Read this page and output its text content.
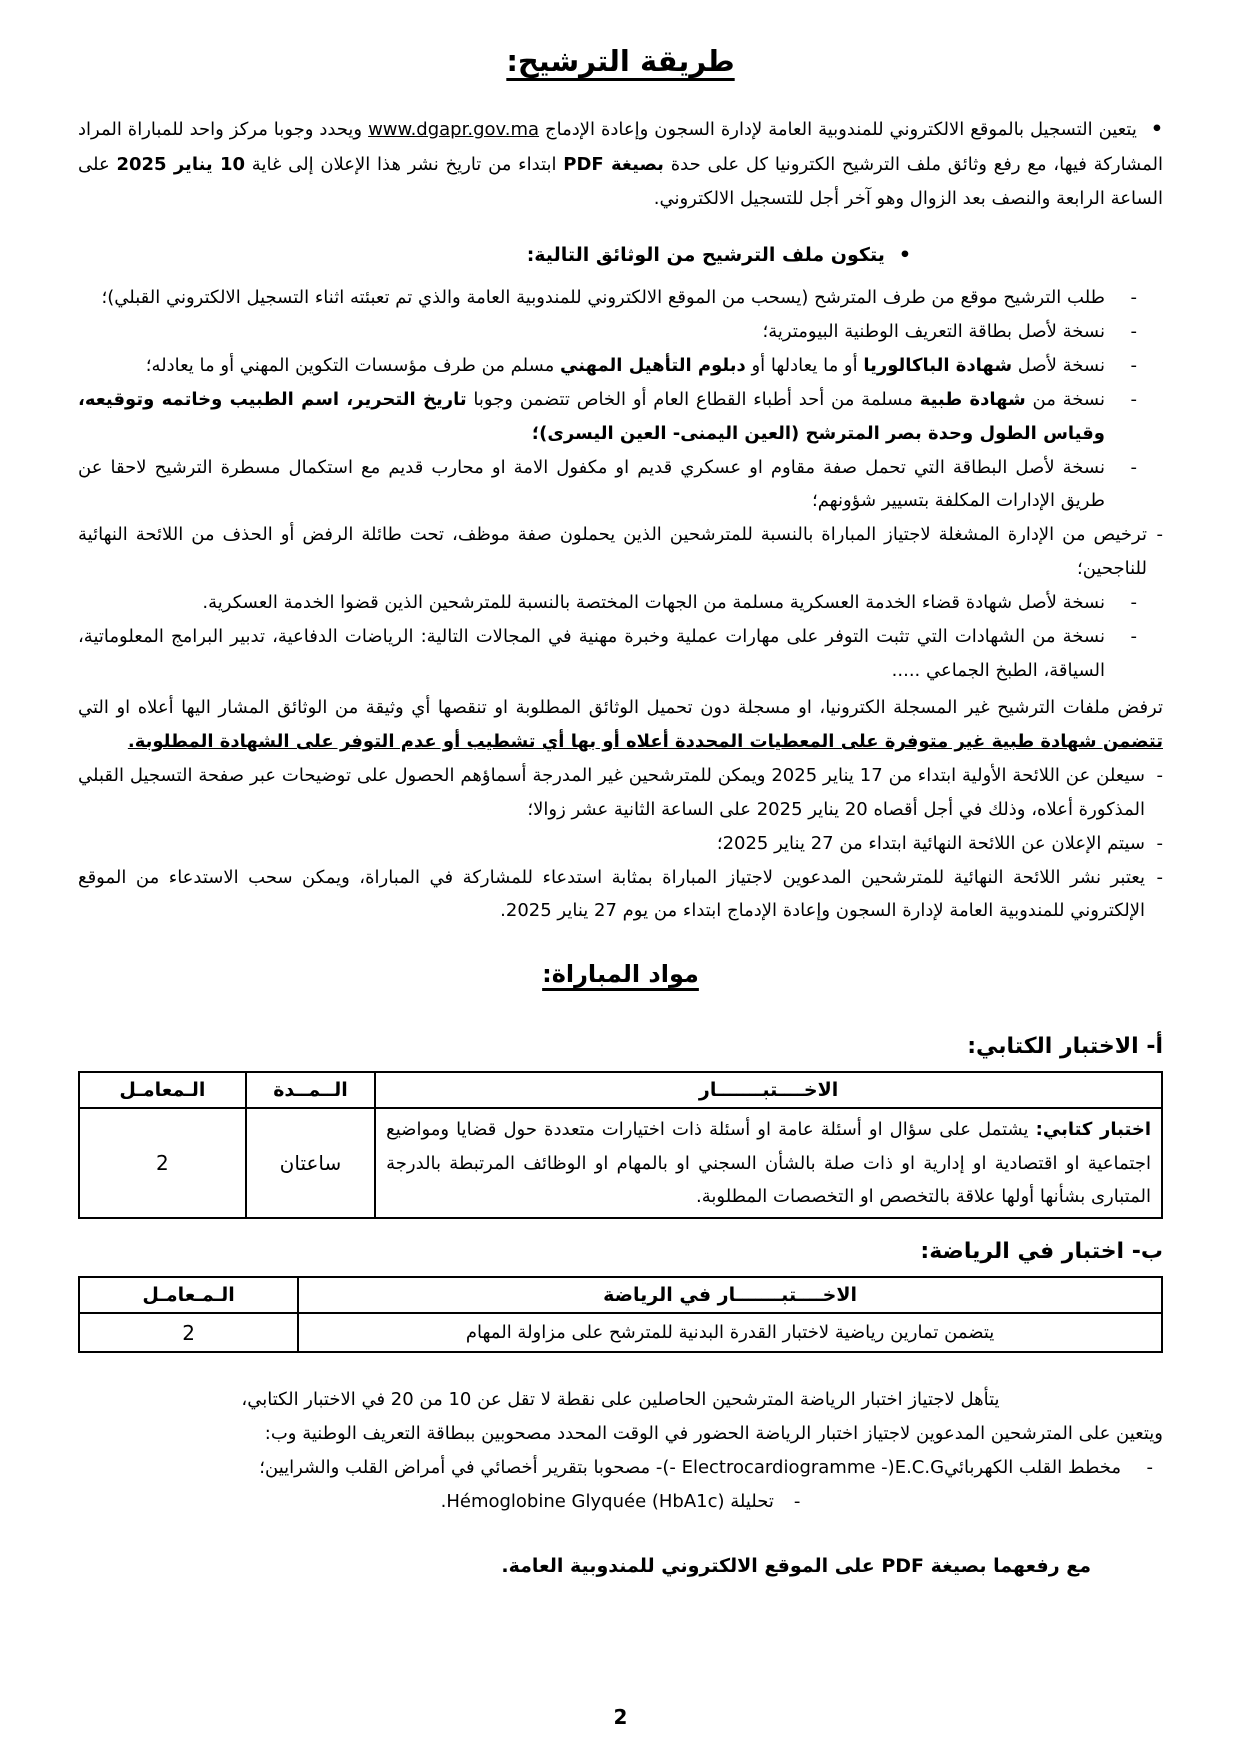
طريقة الترشيح:
•يتعين التسجيل بالموقع الالكتروني للمندوبية العامة لإدارة السجون وإعادة الإدماج www.dgapr.gov.ma ويحدد وجوبا مركز واحد للمباراة المراد المشاركة فيها، مع رفع وثائق ملف الترشيح الكترونيا كل على حدة بصيغة PDF ابتداء من تاريخ نشر هذا الإعلان إلى غاية 10 يناير 2025 على الساعة الرابعة والنصف بعد الزوال وهو آخر أجل للتسجيل الالكتروني.
•يتكون ملف الترشيح من الوثائق التالية:
-
طلب الترشيح موقع من طرف المترشح (يسحب من الموقع الالكتروني للمندوبية العامة والذي تم تعبئته اثناء التسجيل الالكتروني القبلي)؛
-
نسخة لأصل بطاقة التعريف الوطنية البيومترية؛
-
نسخة لأصل شهادة الباكالوريا أو ما يعادلها أو دبلوم التأهيل المهني مسلم من طرف مؤسسات التكوين المهني أو ما يعادله؛
-
نسخة من شهادة طبية مسلمة من أحد أطباء القطاع العام أو الخاص تتضمن وجوبا تاريخ التحرير، اسم الطبيب وخاتمه وتوقيعه، وقياس الطول وحدة بصر المترشح (العين اليمنى- العين اليسرى)؛
-
نسخة لأصل البطاقة التي تحمل صفة مقاوم او عسكري قديم او مكفول الامة او محارب قديم مع استكمال مسطرة الترشيح لاحقا عن طريق الإدارات المكلفة بتسيير شؤونهم؛
-
ترخيص من الإدارة المشغلة لاجتياز المباراة بالنسبة للمترشحين الذين يحملون صفة موظف، تحت طائلة الرفض أو الحذف من اللائحة النهائية للناجحين؛
-
نسخة لأصل شهادة قضاء الخدمة العسكرية مسلمة من الجهات المختصة بالنسبة للمترشحين الذين قضوا الخدمة العسكرية.
-
نسخة من الشهادات التي تثبت التوفر على مهارات عملية وخبرة مهنية في المجالات التالية: الرياضات الدفاعية، تدبير البرامج المعلوماتية، السياقة، الطبخ الجماعي .....
ترفض ملفات الترشيح غير المسجلة الكترونيا، او مسجلة دون تحميل الوثائق المطلوبة او تنقصها أي وثيقة من الوثائق المشار اليها أعلاه او التي تتضمن شهادة طبية غير متوفرة على المعطيات المحددة أعلاه أو بها أي تشطيب أو عدم التوفر على الشهادة المطلوبة.
-
سيعلن عن اللائحة الأولية ابتداء من 17 يناير 2025 ويمكن للمترشحين غير المدرجة أسماؤهم الحصول على توضيحات عبر صفحة التسجيل القبلي المذكورة أعلاه، وذلك في أجل أقصاه 20 يناير 2025 على الساعة الثانية عشر زوالا؛
-
سيتم الإعلان عن اللائحة النهائية ابتداء من 27 يناير 2025؛
-
يعتبر نشر اللائحة النهائية للمترشحين المدعوين لاجتياز المباراة بمثابة استدعاء للمشاركة في المباراة، ويمكن سحب الاستدعاء من الموقع الإلكتروني للمندوبية العامة لإدارة السجون وإعادة الإدماج ابتداء من يوم 27 يناير 2025.
مواد المباراة:
أ- الاختبار الكتابي:
الاخــــتبـــــــار	الــمــدة	الـمعامـل
اختبار كتابي: يشتمل على سؤال او أسئلة عامة او أسئلة ذات اختيارات متعددة حول قضايا ومواضيع اجتماعية او اقتصادية او إدارية او ذات صلة بالشأن السجني او بالمهام او الوظائف المرتبطة بالدرجة المتبارى بشأنها أولها علاقة بالتخصص او التخصصات المطلوبة.	ساعتان	2
ب- اختبار في الرياضة:
الاخــــتبـــــــار في الرياضة	الـمـعامـل
يتضمن تمارين رياضية لاختبار القدرة البدنية للمترشح على مزاولة المهام	2
يتأهل لاجتياز اختبار الرياضة المترشحين الحاصلين على نقطة لا تقل عن 10 من 20 في الاختبار الكتابي،
ويتعين على المترشحين المدعوين لاجتياز اختبار الرياضة الحضور في الوقت المحدد مصحوبين ببطاقة التعريف الوطنية وب:
-
مخطط القلب الكهربائيE.C.G(- Electrocardiogramme -)- مصحوبا بتقرير أخصائي في أمراض القلب والشرايين؛
-تحليلة Hémoglobine Glyquée (HbA1c).
مع رفعهما بصيغة PDF على الموقع الالكتروني للمندوبية العامة.
2
